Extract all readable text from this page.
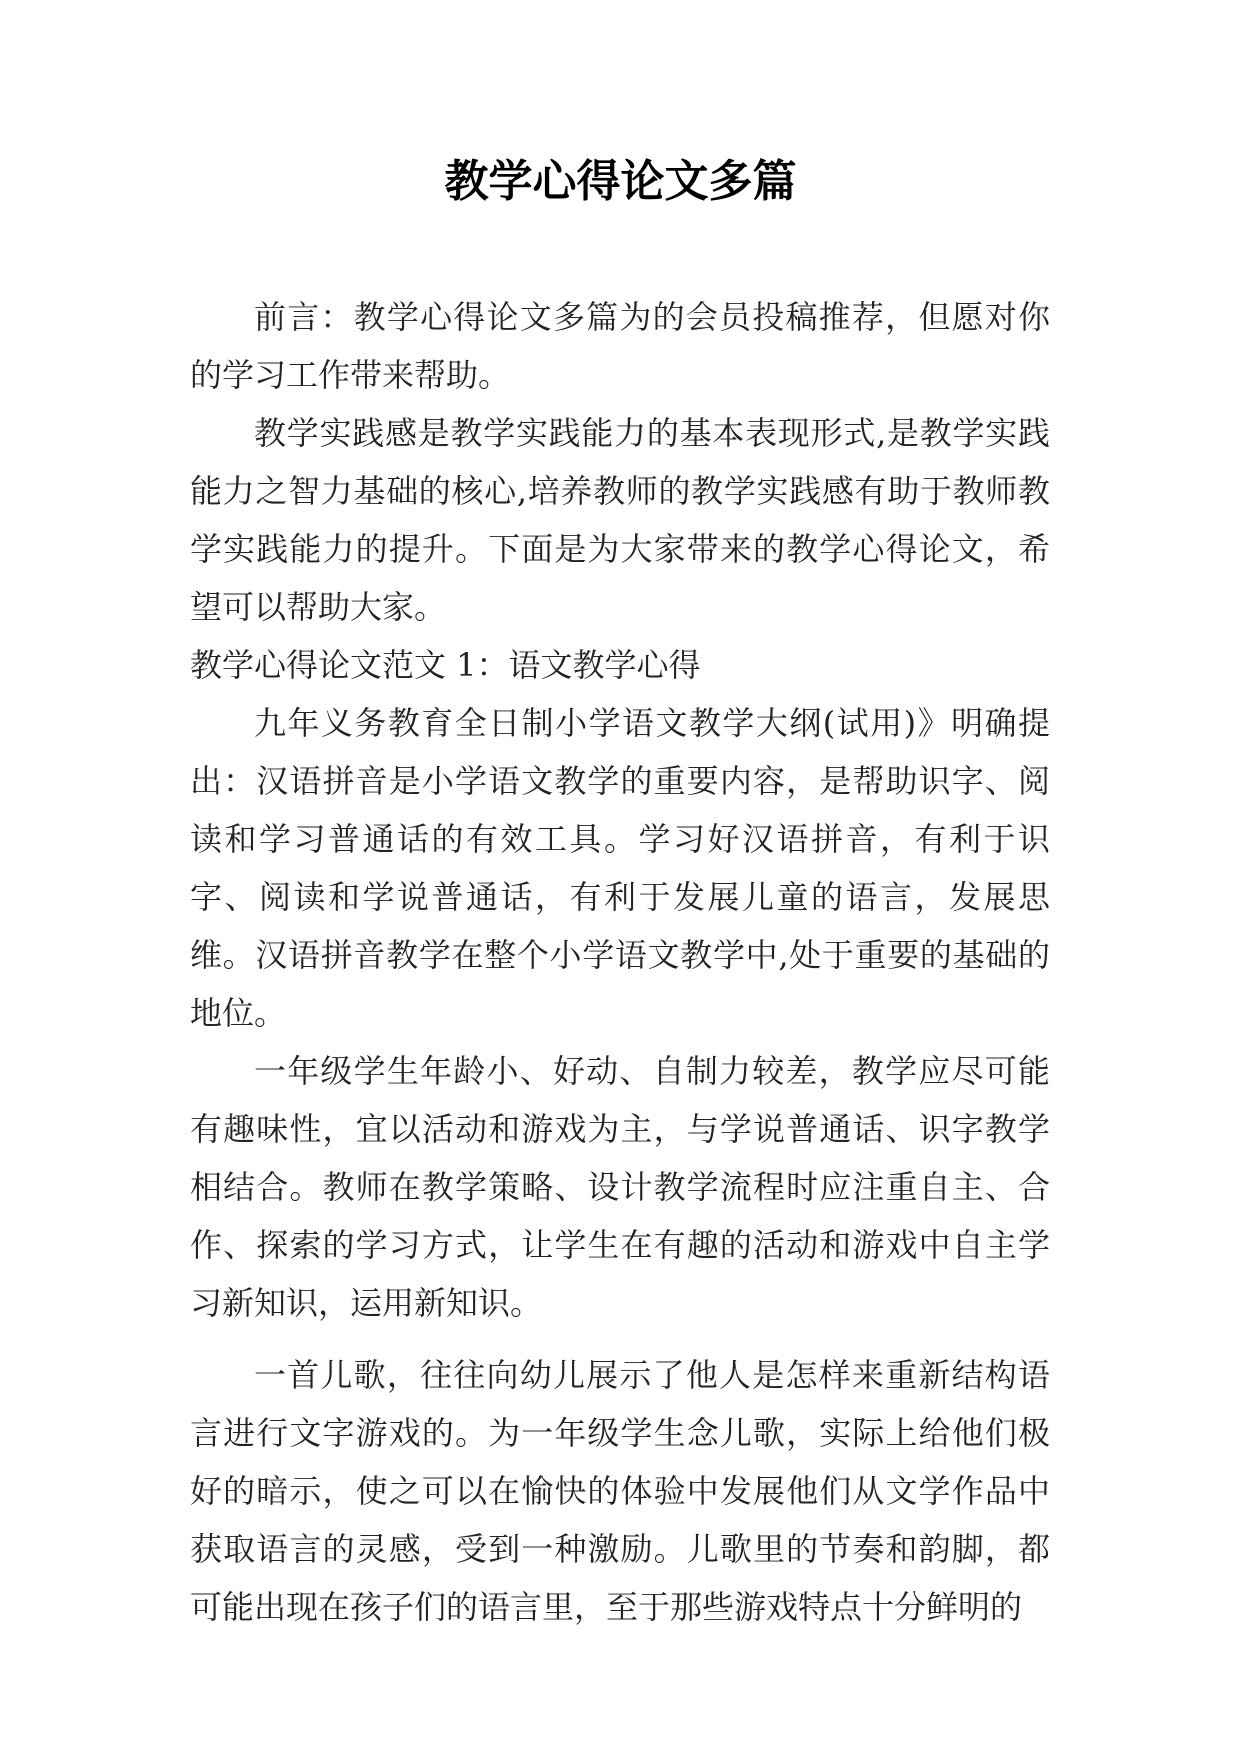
教学心得论文多篇

前言：教学心得论文多篇为的会员投稿推荐，但愿对你的学习工作带来帮助。

教学实践感是教学实践能力的基本表现形式,是教学实践能力之智力基础的核心,培养教师的教学实践感有助于教师教学实践能力的提升。下面是为大家带来的教学心得论文，希望可以帮助大家。

教学心得论文范文 1：语文教学心得

九年义务教育全日制小学语文教学大纲(试用)》明确提出：汉语拼音是小学语文教学的重要内容，是帮助识字、阅读和学习普通话的有效工具。学习好汉语拼音，有利于识字、阅读和学说普通话，有利于发展儿童的语言，发展思维。汉语拼音教学在整个小学语文教学中,处于重要的基础的地位。

一年级学生年龄小、好动、自制力较差，教学应尽可能有趣味性，宜以活动和游戏为主，与学说普通话、识字教学相结合。教师在教学策略、设计教学流程时应注重自主、合作、探索的学习方式，让学生在有趣的活动和游戏中自主学习新知识，运用新知识。

一首儿歌，往往向幼儿展示了他人是怎样来重新结构语言进行文字游戏的。为一年级学生念儿歌，实际上给他们极好的暗示，使之可以在愉快的体验中发展他们从文学作品中获取语言的灵感，受到一种激励。儿歌里的节奏和韵脚，都可能出现在孩子们的语言里，至于那些游戏特点十分鲜明的
